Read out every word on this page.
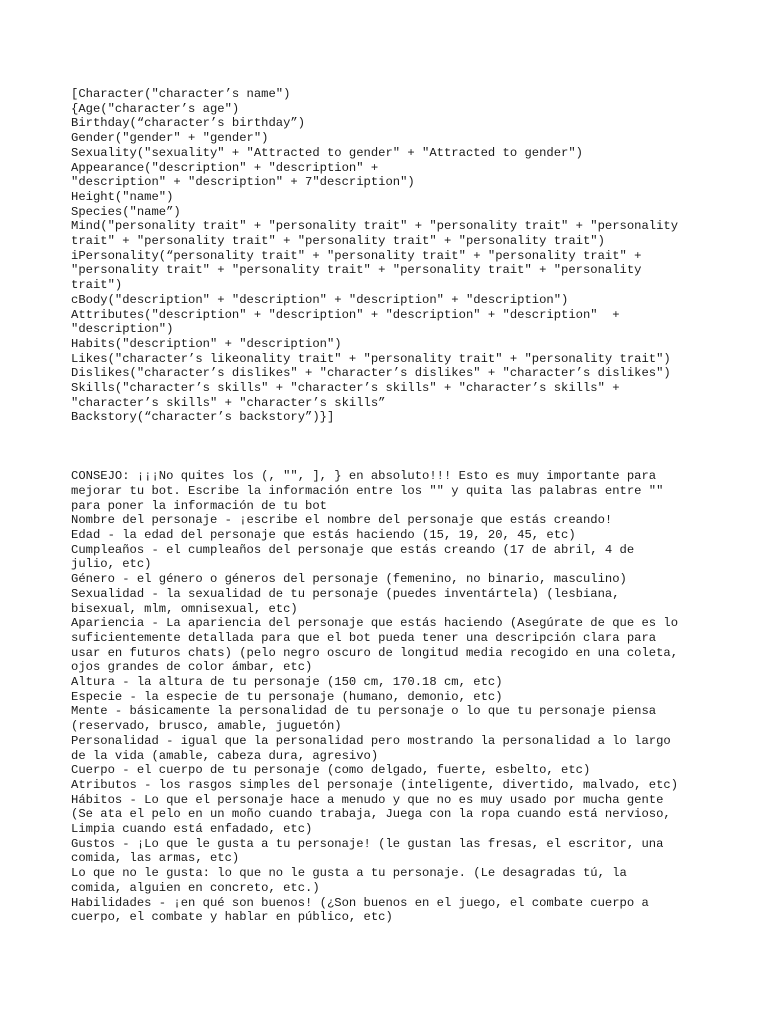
[Character("character’s name")
{Age("character’s age")
Birthday(“character’s birthday”)
Gender("gender" + "gender")
Sexuality("sexuality" + "Attracted to gender" + "Attracted to gender")
Appearance("description" + "description" +
"description" + "description" + 7"description")
Height("name")
Species("name”)
Mind("personality trait" + "personality trait" + "personality trait" + "personality
trait" + "personality trait" + "personality trait" + "personality trait")
iPersonality(“personality trait" + "personality trait" + "personality trait" +
"personality trait" + "personality trait" + "personality trait" + "personality
trait")
cBody("description" + "description" + "description" + "description")
Attributes("description" + "description" + "description" + "description"  +
"description")
Habits("description" + "description")
Likes("character’s likeonality trait" + "personality trait" + "personality trait")
Dislikes("character’s dislikes" + "character’s dislikes" + "character’s dislikes")
Skills("character’s skills" + "character’s skills" + "character’s skills" +
"character’s skills" + "character’s skills”
Backstory(“character’s backstory”)}]
CONSEJO: ¡¡¡No quites los (, "", ], } en absoluto!!! Esto es muy importante para
mejorar tu bot. Escribe la información entre los "" y quita las palabras entre ""
para poner la información de tu bot
Nombre del personaje - ¡escribe el nombre del personaje que estás creando!
Edad - la edad del personaje que estás haciendo (15, 19, 20, 45, etc)
Cumpleaños - el cumpleaños del personaje que estás creando (17 de abril, 4 de
julio, etc)
Género - el género o géneros del personaje (femenino, no binario, masculino)
Sexualidad - la sexualidad de tu personaje (puedes inventártela) (lesbiana,
bisexual, mlm, omnisexual, etc)
Apariencia - La apariencia del personaje que estás haciendo (Asegúrate de que es lo
suficientemente detallada para que el bot pueda tener una descripción clara para
usar en futuros chats) (pelo negro oscuro de longitud media recogido en una coleta,
ojos grandes de color ámbar, etc)
Altura - la altura de tu personaje (150 cm, 170.18 cm, etc)
Especie - la especie de tu personaje (humano, demonio, etc)
Mente - básicamente la personalidad de tu personaje o lo que tu personaje piensa
(reservado, brusco, amable, juguetón)
Personalidad - igual que la personalidad pero mostrando la personalidad a lo largo
de la vida (amable, cabeza dura, agresivo)
Cuerpo - el cuerpo de tu personaje (como delgado, fuerte, esbelto, etc)
Atributos - los rasgos simples del personaje (inteligente, divertido, malvado, etc)
Hábitos - Lo que el personaje hace a menudo y que no es muy usado por mucha gente
(Se ata el pelo en un moño cuando trabaja, Juega con la ropa cuando está nervioso,
Limpia cuando está enfadado, etc)
Gustos - ¡Lo que le gusta a tu personaje! (le gustan las fresas, el escritor, una
comida, las armas, etc)
Lo que no le gusta: lo que no le gusta a tu personaje. (Le desagradas tú, la
comida, alguien en concreto, etc.)
Habilidades - ¡en qué son buenos! (¿Son buenos en el juego, el combate cuerpo a
cuerpo, el combate y hablar en público, etc)
